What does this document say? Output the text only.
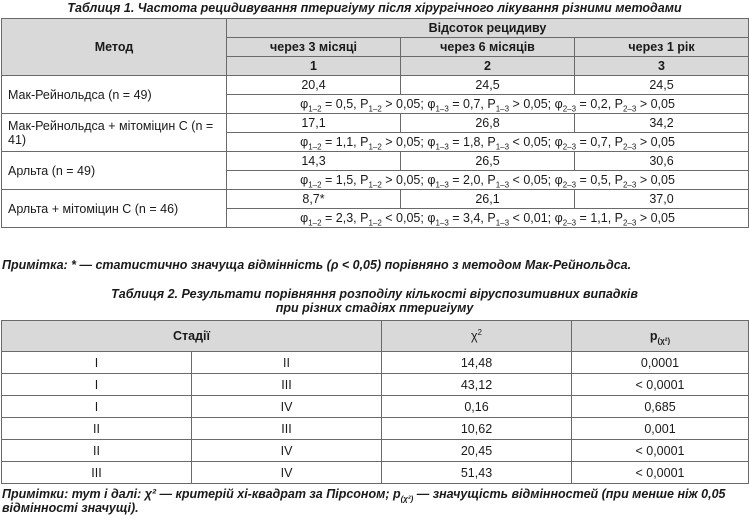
Таблиця 1. Частота рецидивування птеригіуму після хірургічного лікування різними методами
Метод	Відсоток рецидиву		
	через 3 місяці	через 6 місяців	через 1 рік
	1	2	3
Мак-Рейнольдса (n = 49)	20,4	24,5	24,5
	$\varphi_{1-2} = 0,5$, $P_{1-2} > 0,05$; $\varphi_{1-3} = 0,7$, $P_{1-3} > 0,05$; $\varphi_{2-3} = 0,2$, $P_{2-3} > 0,05$		
Мак-Рейнольдса + мітоміцин С (n = 41)	17,1	26,8	34,2
	$\varphi_{1-2} = 1,1$, $P_{1-2} > 0,05$; $\varphi_{1-3} = 1,8$, $P_{1-3} < 0,05$; $\varphi_{2-3} = 0,7$, $P_{2-3} > 0,05$		
Арльта (n = 49)	14,3	26,5	30,6
	$\varphi_{1-2} = 1,5$, $P_{1-2} > 0,05$; $\varphi_{1-3} = 2,0$, $P_{1-3} < 0,05$; $\varphi_{2-3} = 0,5$, $P_{2-3} > 0,05$		
Арльта + мітоміцин С (n = 46)	8,7*	26,1	37,0
	$\varphi_{1-2} = 2,3$, $P_{1-2} < 0,05$; $\varphi_{1-3} = 3,4$, $P_{1-3} < 0,01$; $\varphi_{2-3} = 1,1$, $P_{2-3} > 0,05$		
Примітка: * — статистично значуща відмінність (ρ < 0,05) порівняно з методом Мак-Рейнольдса.
Таблиця 2. Результати порівняння розподілу кількості віруспозитивних випадків
при різних стадіях птеригіуму
Стадії		$\chi^2$	$p_{(\chi^2)}$
І	ІІ	14,48	0,0001
І	ІІІ	43,12	< 0,0001
І	ІV	0,16	0,685
ІІ	ІІІ	10,62	0,001
ІІ	ІV	20,45	< 0,0001
ІІІ	ІV	51,43	< 0,0001
Примітки: тут і далі: χ² — критерій хі-квадрат за Пірсоном; $p_{(\chi^2)}$ — значущість відмінностей (при менше ніж 0,05 відмінності значущі).
